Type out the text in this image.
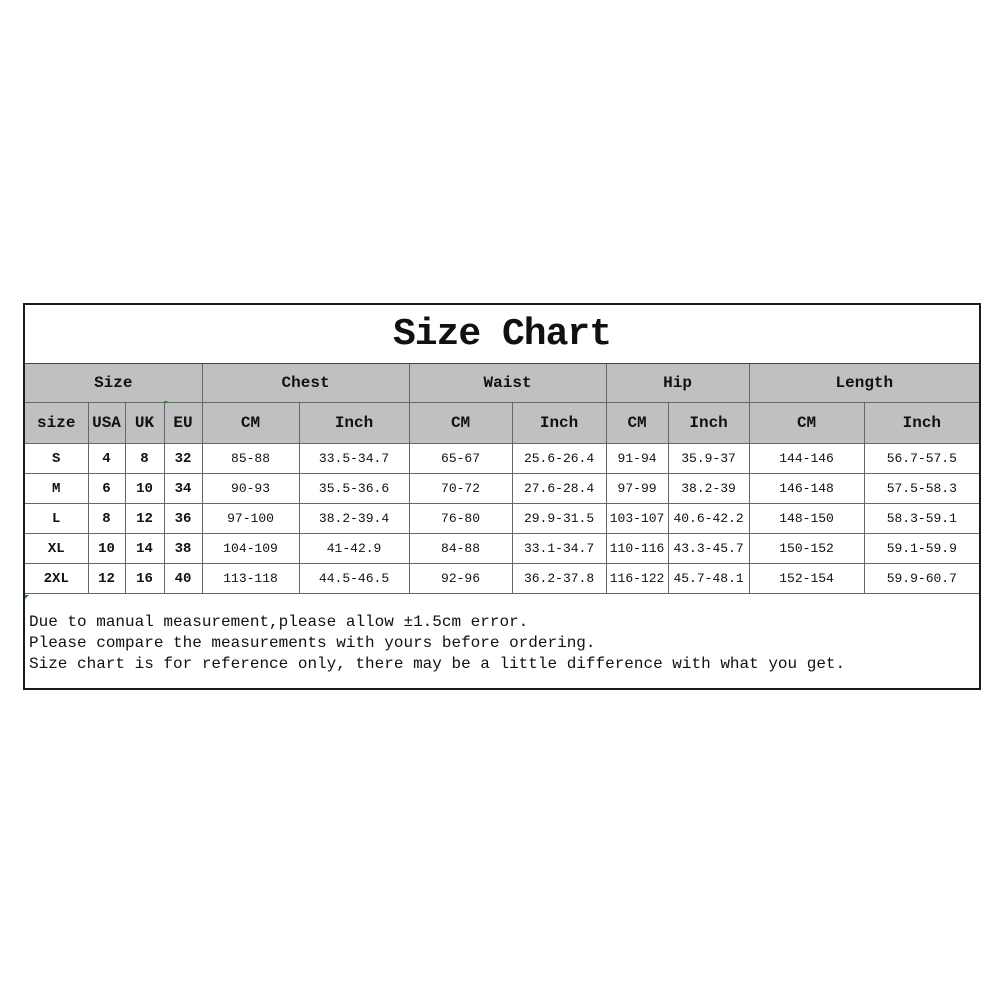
Size Chart
Size				Chest		Waist		Hip		Length	
size	USA	UK	EU	CM	Inch	CM	Inch	CM	Inch	CM	Inch
S	4	8	32	85-88	33.5-34.7	65-67	25.6-26.4	91-94	35.9-37	144-146	56.7-57.5
M	6	10	34	90-93	35.5-36.6	70-72	27.6-28.4	97-99	38.2-39	146-148	57.5-58.3
L	8	12	36	97-100	38.2-39.4	76-80	29.9-31.5	103-107	40.6-42.2	148-150	58.3-59.1
XL	10	14	38	104-109	41-42.9	84-88	33.1-34.7	110-116	43.3-45.7	150-152	59.1-59.9
2XL	12	16	40	113-118	44.5-46.5	92-96	36.2-37.8	116-122	45.7-48.1	152-154	59.9-60.7
Due to manual measurement,please allow ±1.5cm error.
Please compare the measurements with yours before ordering.
Size chart is for reference only, there may be a little difference with what you get.
